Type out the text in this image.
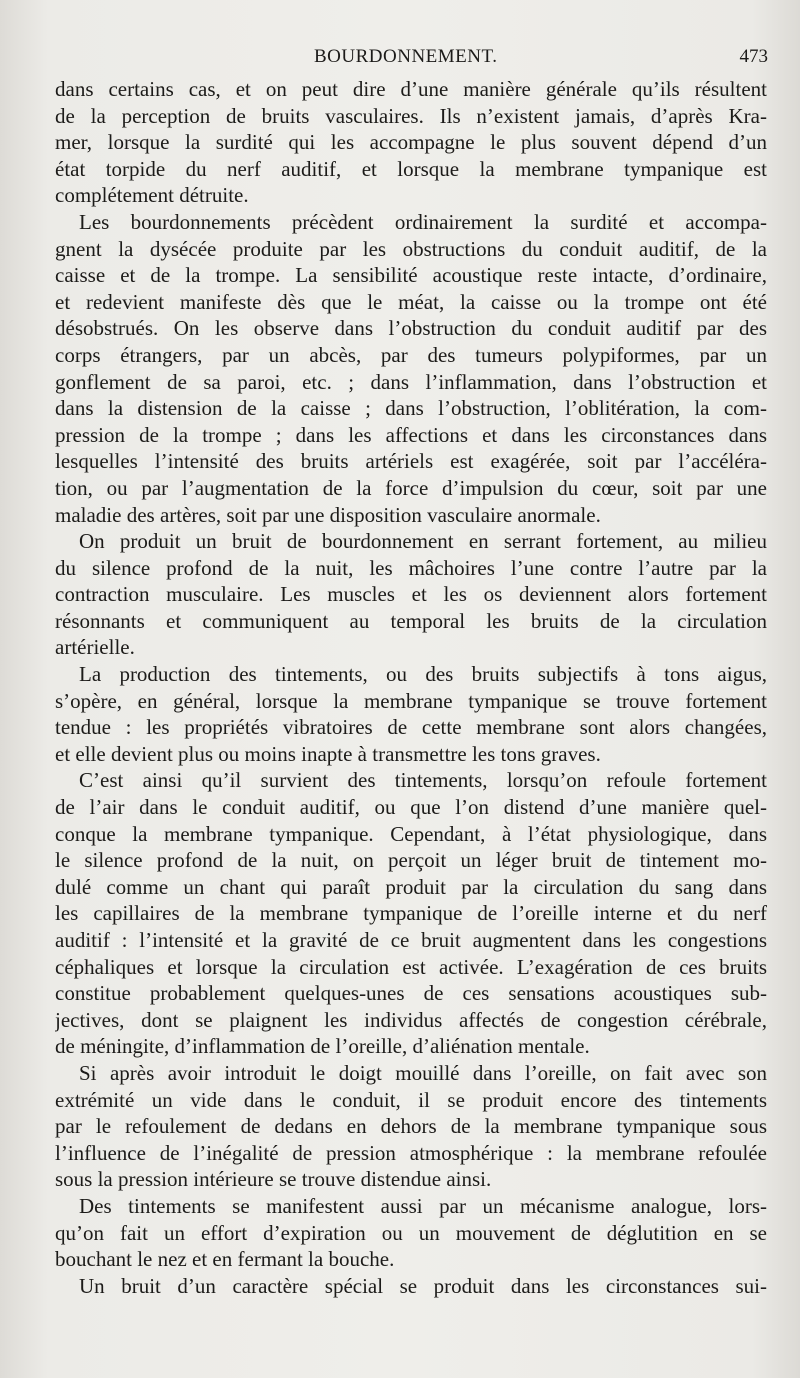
BOURDONNEMENT.	473
dans certains cas, et on peut dire d’une manière générale qu’ils résultent
de la perception de bruits vasculaires. Ils n’existent jamais, d’après Kra-
mer, lorsque la surdité qui les accompagne le plus souvent dépend d’un
état torpide du nerf auditif, et lorsque la membrane tympanique est
complétement détruite.
Les bourdonnements précèdent ordinairement la surdité et accompa-
gnent la dysécée produite par les obstructions du conduit auditif, de la
caisse et de la trompe. La sensibilité acoustique reste intacte, d’ordinaire,
et redevient manifeste dès que le méat, la caisse ou la trompe ont été
désobstrués. On les observe dans l’obstruction du conduit auditif par des
corps étrangers, par un abcès, par des tumeurs polypiformes, par un
gonflement de sa paroi, etc. ; dans l’inflammation, dans l’obstruction et
dans la distension de la caisse ; dans l’obstruction, l’oblitération, la com-
pression de la trompe ; dans les affections et dans les circonstances dans
lesquelles l’intensité des bruits artériels est exagérée, soit par l’accéléra-
tion, ou par l’augmentation de la force d’impulsion du cœur, soit par une
maladie des artères, soit par une disposition vasculaire anormale.
On produit un bruit de bourdonnement en serrant fortement, au milieu
du silence profond de la nuit, les mâchoires l’une contre l’autre par la
contraction musculaire. Les muscles et les os deviennent alors fortement
résonnants et communiquent au temporal les bruits de la circulation
artérielle.
La production des tintements, ou des bruits subjectifs à tons aigus,
s’opère, en général, lorsque la membrane tympanique se trouve fortement
tendue : les propriétés vibratoires de cette membrane sont alors changées,
et elle devient plus ou moins inapte à transmettre les tons graves.
C’est ainsi qu’il survient des tintements, lorsqu’on refoule fortement
de l’air dans le conduit auditif, ou que l’on distend d’une manière quel-
conque la membrane tympanique. Cependant, à l’état physiologique, dans
le silence profond de la nuit, on perçoit un léger bruit de tintement mo-
dulé comme un chant qui paraît produit par la circulation du sang dans
les capillaires de la membrane tympanique de l’oreille interne et du nerf
auditif : l’intensité et la gravité de ce bruit augmentent dans les congestions
céphaliques et lorsque la circulation est activée. L’exagération de ces bruits
constitue probablement quelques-unes de ces sensations acoustiques sub-
jectives, dont se plaignent les individus affectés de congestion cérébrale,
de méningite, d’inflammation de l’oreille, d’aliénation mentale.
Si après avoir introduit le doigt mouillé dans l’oreille, on fait avec son
extrémité un vide dans le conduit, il se produit encore des tintements
par le refoulement de dedans en dehors de la membrane tympanique sous
l’influence de l’inégalité de pression atmosphérique : la membrane refoulée
sous la pression intérieure se trouve distendue ainsi.
Des tintements se manifestent aussi par un mécanisme analogue, lors-
qu’on fait un effort d’expiration ou un mouvement de déglutition en se
bouchant le nez et en fermant la bouche.
Un bruit d’un caractère spécial se produit dans les circonstances sui-
